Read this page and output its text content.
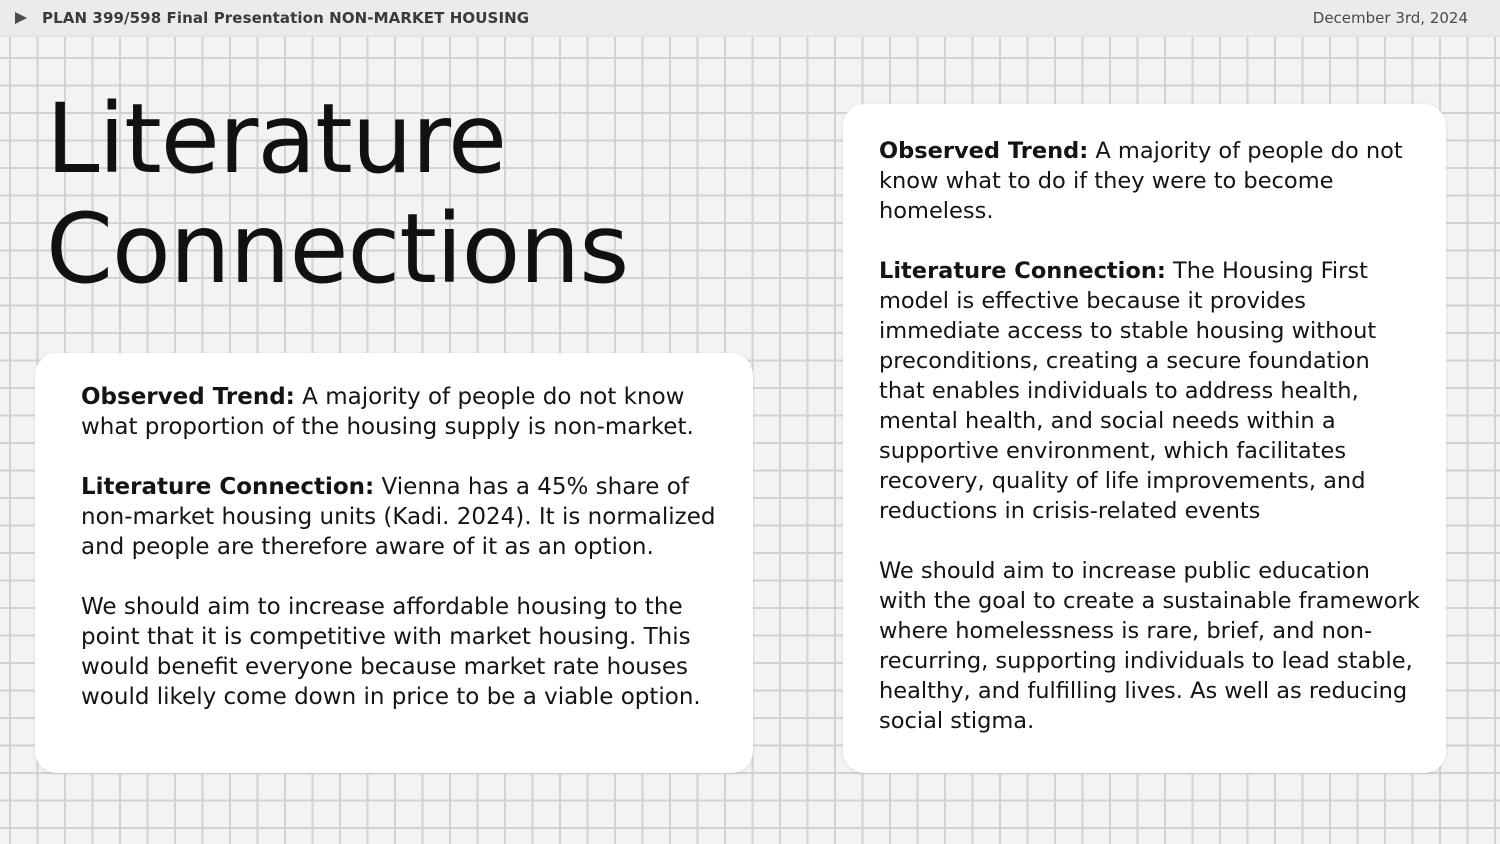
PLAN 399/598 Final Presentation NON-MARKET HOUSING	December 3rd, 2024
Literature
Connections

Observed Trend: A majority of people do not know what proportion of the housing supply is non-market.

Literature Connection: Vienna has a 45% share of non-market housing units (Kadi. 2024). It is normalized and people are therefore aware of it as an option.

We should aim to increase affordable housing to the point that it is competitive with market housing. This would benefit everyone because market rate houses would likely come down in price to be a viable option.

Observed Trend: A majority of people do not know what to do if they were to become homeless.

Literature Connection: The Housing First model is effective because it provides immediate access to stable housing without preconditions, creating a secure foundation that enables individuals to address health, mental health, and social needs within a supportive environment, which facilitates recovery, quality of life improvements, and reductions in crisis-related events

We should aim to increase public education with the goal to create a sustainable framework where homelessness is rare, brief, and non-recurring, supporting individuals to lead stable, healthy, and fulfilling lives. As well as reducing social stigma.
